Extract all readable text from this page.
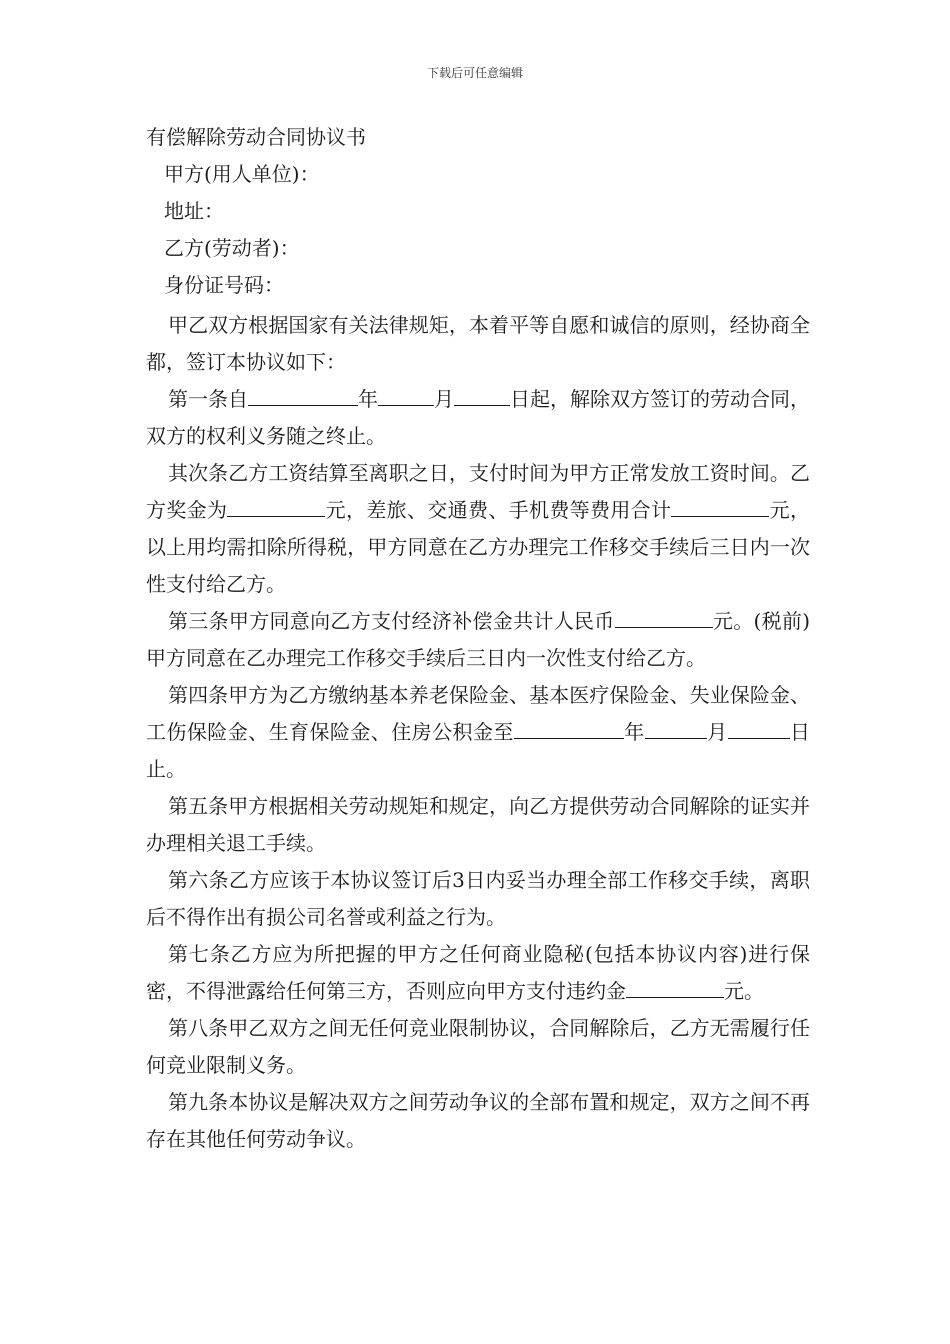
下载后可任意编辑
有偿解除劳动合同协议书
甲方(用人单位)：
地址：
乙方(劳动者)：
身份证号码：

甲乙双方根据国家有关法律规矩，本着平等自愿和诚信的原则，经协商全都，签订本协议如下：

第一条自	年	月	日起，解除双方签订的劳动合同，双方的权利义务随之终止。

其次条乙方工资结算至离职之日，支付时间为甲方正常发放工资时间。乙方奖金为	元，差旅、交通费、手机费等费用合计	元，以上用均需扣除所得税，甲方同意在乙方办理完工作移交手续后三日内一次性支付给乙方。

第三条甲方同意向乙方支付经济补偿金共计人民币	元。(税前)甲方同意在乙办理完工作移交手续后三日内一次性支付给乙方。

第四条甲方为乙方缴纳基本养老保险金、基本医疗保险金、失业保险金、工伤保险金、生育保险金、住房公积金至	年	月	日止。

第五条甲方根据相关劳动规矩和规定，向乙方提供劳动合同解除的证实并办理相关退工手续。

第六条乙方应该于本协议签订后3日内妥当办理全部工作移交手续，离职后不得作出有损公司名誉或利益之行为。

第七条乙方应为所把握的甲方之任何商业隐秘(包括本协议内容)进行保密，不得泄露给任何第三方，否则应向甲方支付违约金	元。

第八条甲乙双方之间无任何竞业限制协议，合同解除后，乙方无需履行任何竞业限制义务。

第九条本协议是解决双方之间劳动争议的全部布置和规定，双方之间不再存在其他任何劳动争议。
